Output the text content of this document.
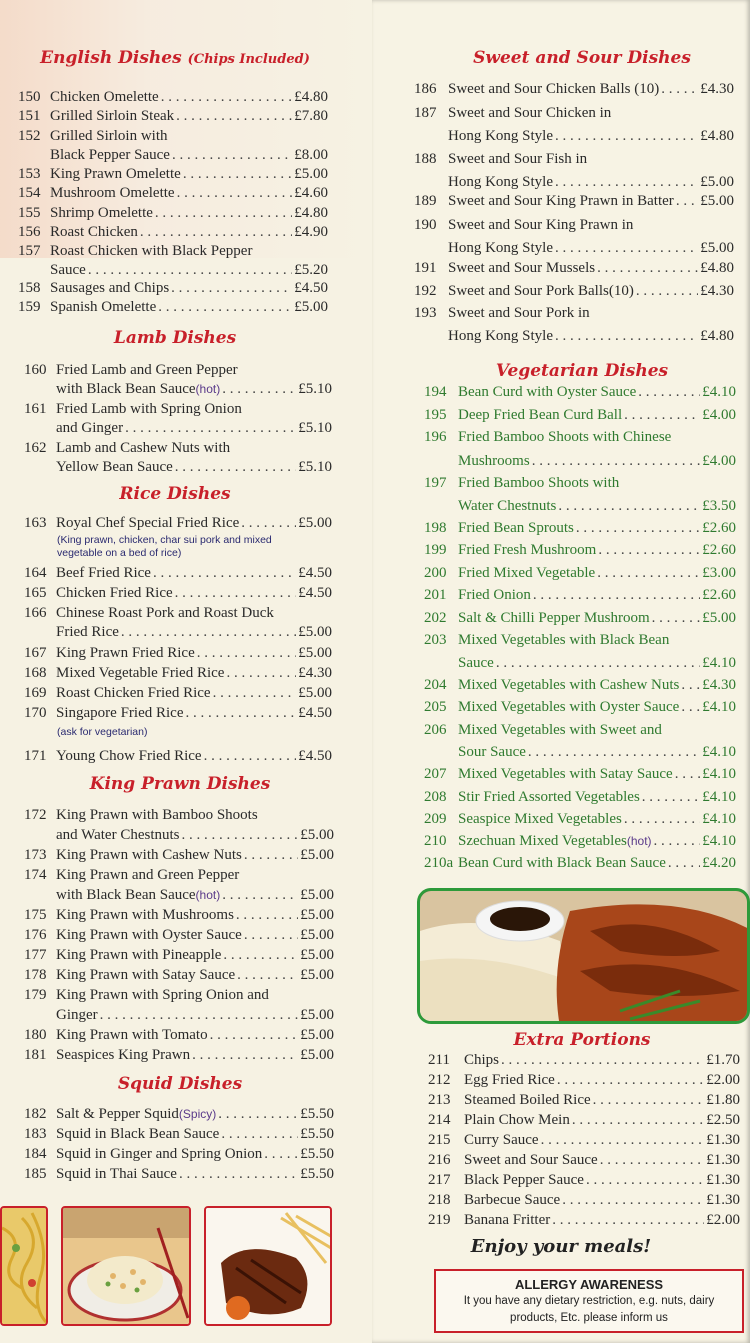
English Dishes (Chips Included)
150 Chicken Omelette . . .	£4.80
151 Grilled Sirloin Steak . . .	£7.80
152 Grilled Sirloin with
Black Pepper Sauce . . .	£8.00
153 King Prawn Omelette . . .	£5.00
154 Mushroom Omelette . . .	£4.60
155 Shrimp Omelette . . .	£4.80
156 Roast Chicken . . .	£4.90
157 Roast Chicken with Black Pepper
Sauce . . .	£5.20
158 Sausages and Chips . . .	£4.50
159 Spanish Omelette . . .	£5.00
Lamb Dishes
160 Fried Lamb and Green Pepper
with Black Bean Sauce (hot) . . .	£5.10
161 Fried Lamb with Spring Onion
and Ginger . . .	£5.10
162 Lamb and Cashew Nuts with
Yellow Bean Sauce . . .	£5.10
Rice Dishes
163 Royal Chef Special Fried Rice . . .	£5.00
164 Beef Fried Rice . . .	£4.50
165 Chicken Fried Rice . . .	£4.50
166 Chinese Roast Pork and Roast Duck
Fried Rice . . .	£5.00
167 King Prawn Fried Rice . . .	£5.00
168 Mixed Vegetable Fried Rice . . .	£4.30
169 Roast Chicken Fried Rice . . .	£5.00
170 Singapore Fried Rice . . .	£4.50
171 Young Chow Fried Rice . . .	£4.50
(King prawn, chicken, char sui pork and mixed
vegetable on a bed of rice)
(ask for vegetarian)
King Prawn Dishes
172 King Prawn with Bamboo Shoots
and Water Chestnuts . . .	£5.00
173 King Prawn with Cashew Nuts . . .	£5.00
174 King Prawn and Green Pepper
with Black Bean Sauce (hot) . . .	£5.00
175 King Prawn with Mushrooms . . .	£5.00
176 King Prawn with Oyster Sauce . . .	£5.00
177 King Prawn with Pineapple . . .	£5.00
178 King Prawn with Satay Sauce . . .	£5.00
179 King Prawn with Spring Onion and
Ginger . . .	£5.00
180 King Prawn with Tomato . . .	£5.00
181 Seaspices King Prawn . . .	£5.00
Squid Dishes
182 Salt & Pepper Squid (Spicy) . . .	£5.50
183 Squid in Black Bean Sauce . . .	£5.50
184 Squid in Ginger and Spring Onion . . .	£5.50
185 Squid in Thai Sauce . . .	£5.50
Sweet and Sour Dishes
186 Sweet and Sour Chicken Balls (10) . . .	£4.30
187 Sweet and Sour Chicken in
Hong Kong Style . . .	£4.80
188 Sweet and Sour Fish in
Hong Kong Style . . .	£5.00
189 Sweet and Sour King Prawn in Batter . . . £5.00
190 Sweet and Sour King Prawn in
Hong Kong Style . . .	£5.00
191 Sweet and Sour Mussels . . .	£4.80
192 Sweet and Sour Pork Balls(10) . . .	£4.30
193 Sweet and Sour Pork in
Hong Kong Style . . .	£4.80
Vegetarian Dishes
194 Bean Curd with Oyster Sauce . . .	£4.10
195 Deep Fried Bean Curd Ball . . .	£4.00
196 Fried Bamboo Shoots with Chinese
Mushrooms . . .	£4.00
197 Fried Bamboo Shoots with
Water Chestnuts . . .	£3.50
198 Fried Bean Sprouts . . .	£2.60
199 Fried Fresh Mushroom . . .	£2.60
200 Fried Mixed Vegetable . . .	£3.00
201 Fried Onion . . .	£2.60
202 Salt & Chilli Pepper Mushroom . . .	£5.00
203 Mixed Vegetables with Black Bean
Sauce . . .	£4.10
204 Mixed Vegetables with Cashew Nuts . . . £4.30
205 Mixed Vegetables with Oyster Sauce . . . £4.10
206 Mixed Vegetables with Sweet and
Sour Sauce . . .	£4.10
207 Mixed Vegetables with Satay Sauce . . . £4.10
208 Stir Fried Assorted Vegetables . . .	£4.10
209 Seaspice Mixed Vegetables . . .	£4.10
210 Szechuan Mixed Vegetables (hot) . . .	£4.10
210a Bean Curd with Black Bean Sauce . . . £4.20
Extra Portions
211 Chips . . .	£1.70
212 Egg Fried Rice . . .	£2.00
213 Steamed Boiled Rice . . .	£1.80
214 Plain Chow Mein . . .	£2.50
215 Curry Sauce . . .	£1.30
216 Sweet and Sour Sauce . . .	£1.30
217 Black Pepper Sauce . . .	£1.30
218 Barbecue Sauce . . .	£1.30
219 Banana Fritter . . .	£2.00
Enjoy your meals!
ALLERGY AWARENESS
It you have any dietary restriction, e.g. nuts, dairy
products, Etc. please inform us
